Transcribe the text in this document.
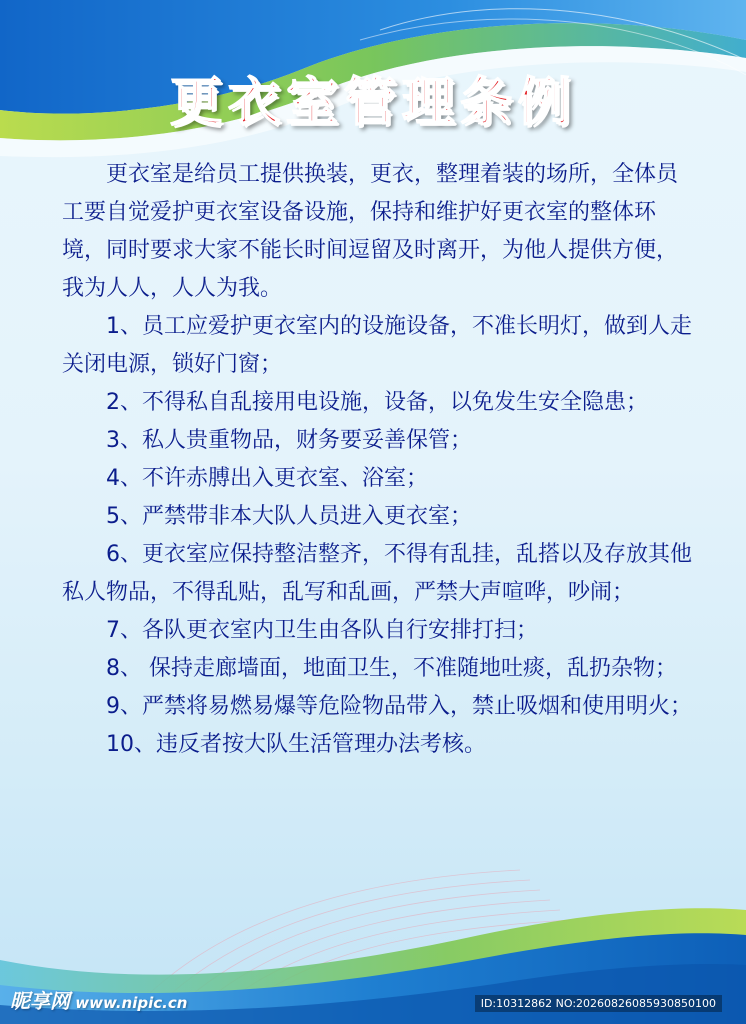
更衣室管理条例

更衣室是给员工提供换装，更衣，整理着装的场所，全体员工要自觉爱护更衣室设备设施，保持和维护好更衣室的整体环境，同时要求大家不能长时间逗留及时离开，为他人提供方便，我为人人，人人为我。

1、员工应爱护更衣室内的设施设备，不准长明灯，做到人走关闭电源，锁好门窗；

2、不得私自乱接用电设施，设备，以免发生安全隐患；

3、私人贵重物品，财务要妥善保管；

4、不许赤膊出入更衣室、浴室；

5、严禁带非本大队人员进入更衣室；

6、更衣室应保持整洁整齐，不得有乱挂，乱搭以及存放其他私人物品，不得乱贴，乱写和乱画，严禁大声喧哗，吵闹；

7、各队更衣室内卫生由各队自行安排打扫；

8、 保持走廊墙面，地面卫生，不准随地吐痰，乱扔杂物；

9、严禁将易燃易爆等危险物品带入，禁止吸烟和使用明火；

10、违反者按大队生活管理办法考核。

昵享网 www.nipic.cn	ID:10312862 NO:20260826085930850100
